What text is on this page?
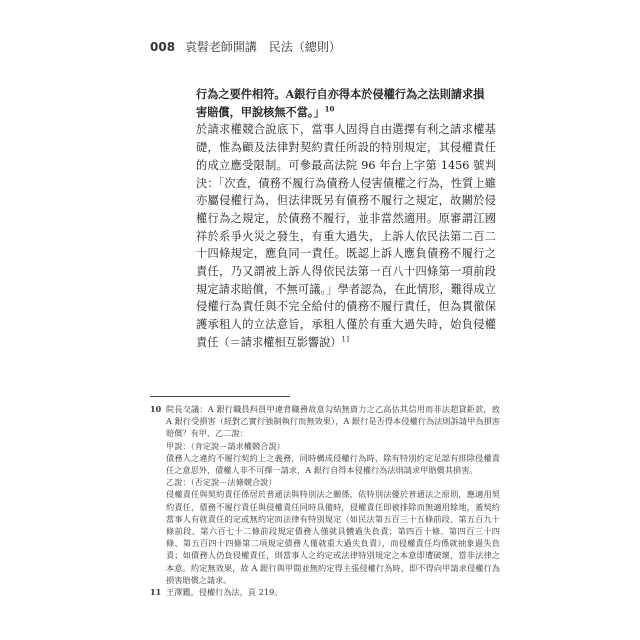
008 袁髫老師開講　民法（總則）

行為之要件相符。A銀行自亦得本於侵權行為之法則請求損
害賠償，甲說核無不當。」$^{10}$

於請求權競合說底下，當事人固得自由選擇有利之請求權基礎，惟為顧及法律對契約責任所設的特別規定，其侵權責任的成立應受限制。可參最高法院 96 年台上字第 1456 號判決：「次查，債務不履行為債務人侵害債權之行為，性質上雖亦屬侵權行為，但法律既另有債務不履行之規定，故關於侵權行為之規定，於債務不履行，並非當然適用。原審謂江國祥於系爭火災之發生，有重大過失，上訴人依民法第二百二十四條規定，應負同一責任。既認上訴人應負債務不履行之責任，乃又謂被上訴人得依民法第一百八十四條第一項前段規定請求賠償，不無可議。」學者認為，在此情形，難得成立侵權行為責任與不完全給付的債務不履行責任，但為貫徹保護承租人的立法意旨，承租人僅於有重大過失時，始負侵權責任（＝請求權相互影響說）$^{11}$

10 院長交議：A 銀行職員科員甲違背職務故意勾結無資力之乙高估其信用而非法超貸鉅款，致 A 銀行受損害（經對乙實行強制執行而無效果），A 銀行是否得本侵權行為法則訴請甲為損害賠償？有甲、乙二說：
甲說：（肯定說－請求權競合說）
債務人之違約不履行契約上之義務，同時構成侵權行為時，除有特別約定足認有排除侵權責任之意思外，債權人非不可擇一請求，A 銀行自得本侵權行為法則請求甲賠償其損害。
乙說：（否定說－法條競合說）
侵權責任與契約責任係居於普通法與特別法之關係，依特別法優於普通法之原則，應適用契約責任，債務不履行責任與侵權責任同時具備時，侵權責任即被排除而無適用餘地，蓋契約當事人有就責任的定或無約定而法律有特別規定（如民法第五百三十五條前段、第五百九十條前段、第六百七十二條前段規定債務人僅就具體過失負責；第四百十條、第四百三十四條、第五百四十四條第二項規定債務人僅就重大過失負責），而侵權責任均係就抽象過失負責；如債務人仍負侵權責任，則當事人之約定或法律特別規定之本意即遭破壞，當非法律之本意。約定無效果，故 A 銀行與甲間並無約定得主張侵權行為時，即不得向甲請求侵權行為損害賠償之請求。
11 王澤鑑，侵權行為法，頁 219。
